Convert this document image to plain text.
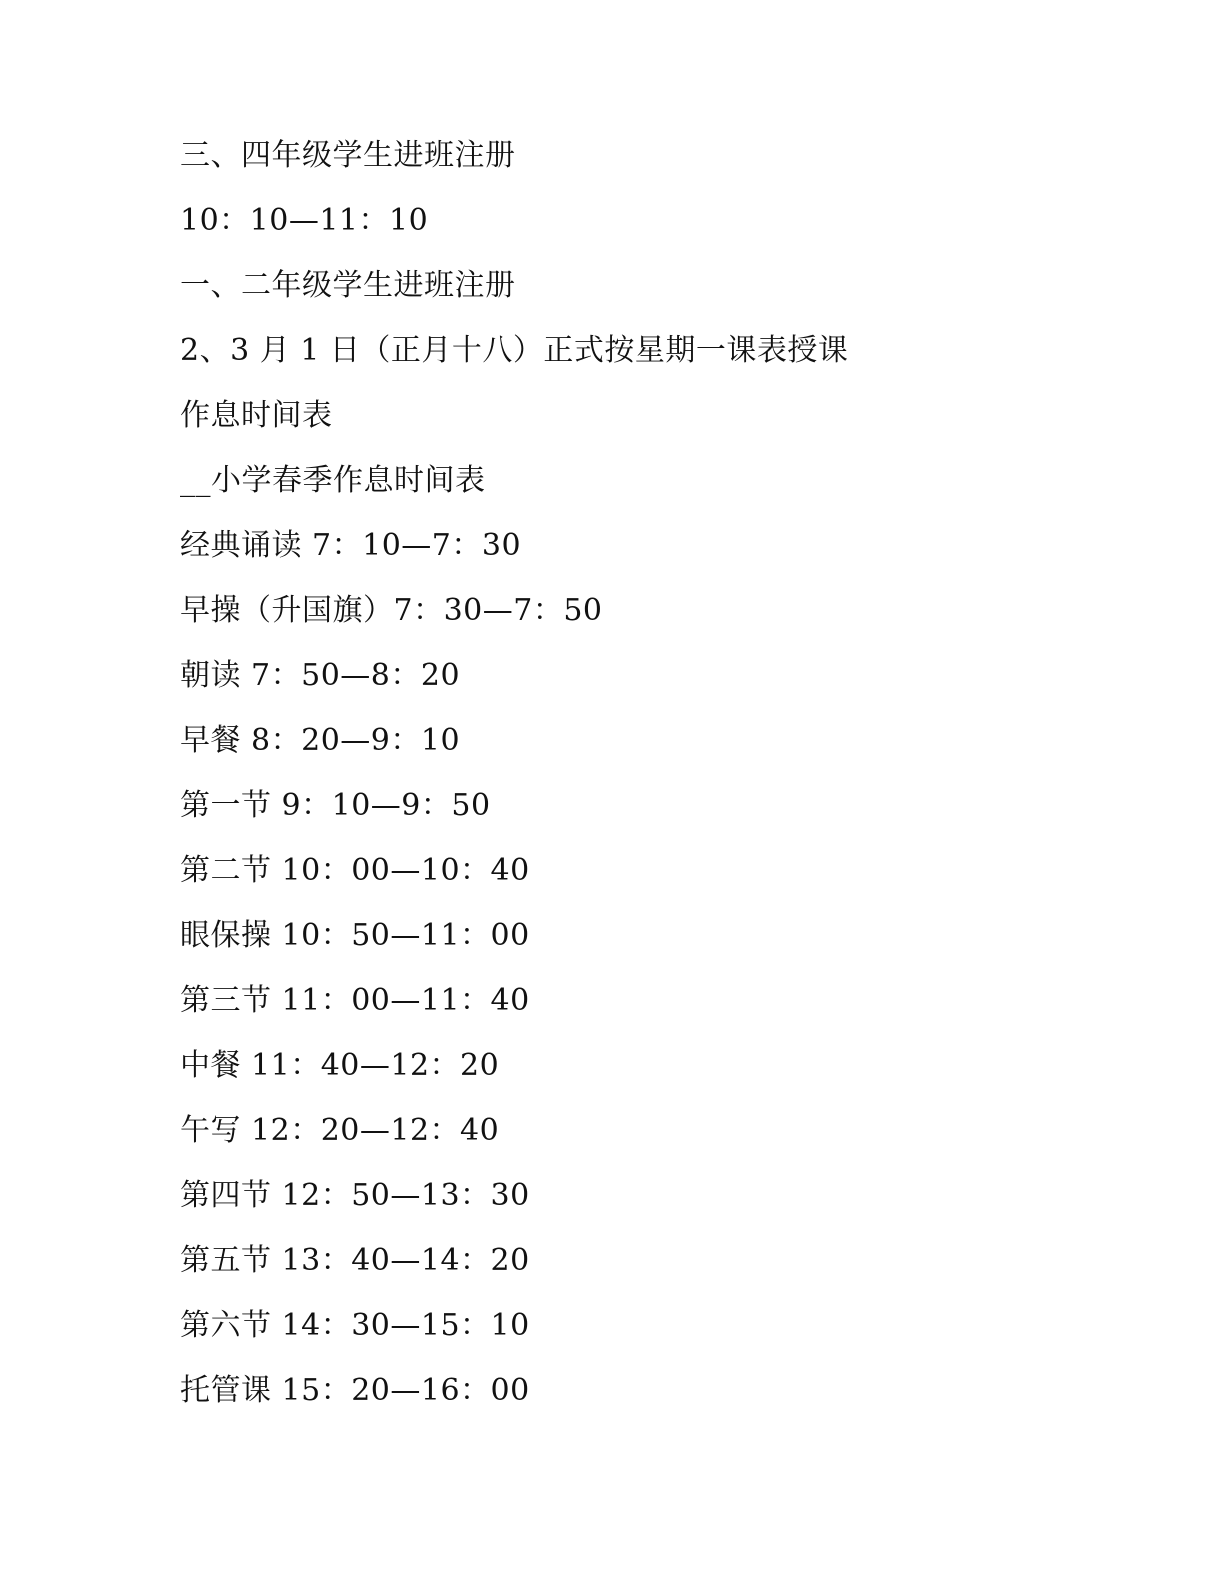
三、四年级学生进班注册
10：10—11：10
一、二年级学生进班注册
2、3 月 1 日（正月十八）正式按星期一课表授课
作息时间表
__小学春季作息时间表
经典诵读 7：10—7：30
早操（升国旗）7：30—7：50
朝读 7：50—8：20
早餐 8：20—9：10
第一节 9：10—9：50
第二节 10：00—10：40
眼保操 10：50—11：00
第三节 11：00—11：40
中餐 11：40—12：20
午写 12：20—12：40
第四节 12：50—13：30
第五节 13：40—14：20
第六节 14：30—15：10
托管课 15：20—16：00
